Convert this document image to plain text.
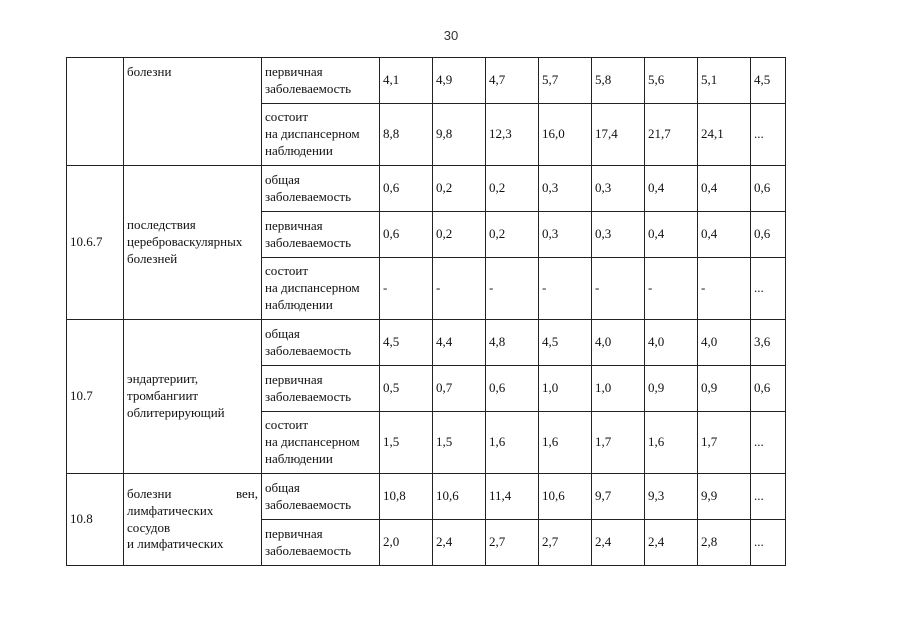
30
	болезни	первичная
заболеваемость	4,1	4,9	4,7	5,7	5,8	5,6	5,1	4,5
		состоит
на диспансерном
наблюдении	8,8	9,8	12,3	16,0	17,4	21,7	24,1	...
10.6.7	последствия
цереброваскулярных
болезней	общая
заболеваемость	0,6	0,2	0,2	0,3	0,3	0,4	0,4	0,6
		первичная
заболеваемость	0,6	0,2	0,2	0,3	0,3	0,4	0,4	0,6
		состоит
на диспансерном
наблюдении	-	-	-	-	-	-	-	...
10.7	эндартериит,
тромбангиит
облитерирующий	общая
заболеваемость	4,5	4,4	4,8	4,5	4,0	4,0	4,0	3,6
		первичная
заболеваемость	0,5	0,7	0,6	1,0	1,0	0,9	0,9	0,6
		состоит
на диспансерном
наблюдении	1,5	1,5	1,6	1,6	1,7	1,6	1,7	...
10.8	болезни вен,
лимфатических
сосудов
и лимфатических	общая
заболеваемость	10,8	10,6	11,4	10,6	9,7	9,3	9,9	...
		первичная
заболеваемость	2,0	2,4	2,7	2,7	2,4	2,4	2,8	...
